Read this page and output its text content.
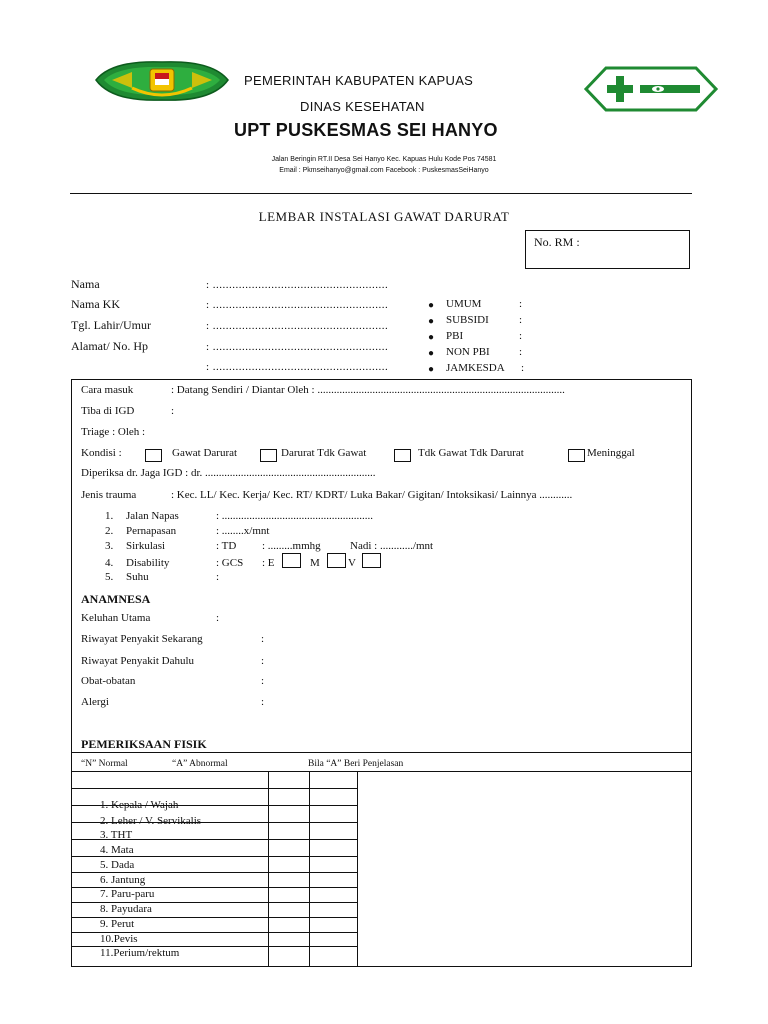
PEMERINTAH KABUPATEN KAPUAS
DINAS KESEHATAN
UPT PUSKESMAS SEI HANYO
Jalan Beringin RT.II Desa Sei Hanyo Kec. Kapuas Hulu Kode Pos 74581
Email : Pkmseihanyo@gmail.com Facebook : PuskesmasSeiHanyo
LEMBAR INSTALASI GAWAT DARURAT
No. RM :
Nama	: ......................................................
Nama KK	: ......................................................
Tgl. Lahir/Umur	: ......................................................
Alamat/ No. Hp	: ......................................................
: ......................................................
● UMUM	:
● SUBSIDI	:
● PBI	:
● NON PBI	:
● JAMKESDA :
Cara masuk	: Datang Sendiri / Diantar Oleh : ..........................................................................................
Tiba di IGD	:
Triage : Oleh :
Kondisi :	Gawat Darurat	Darurat Tdk Gawat	Tdk Gawat Tdk Darurat	Meninggal
Diperiksa dr. Jaga IGD : dr. ..............................................................
Jenis trauma	: Kec. LL/ Kec. Kerja/ Kec. RT/ KDRT/ Luka Bakar/ Gigitan/ Intoksikasi/ Lainnya ............
1. Jalan Napas	: .......................................................
2. Pernapasan	: ........x/mnt
3. Sirkulasi	: TD : .........mmhg	Nadi : ............/mnt
4. Disability	: GCS : E	M	V
5. Suhu	:
ANAMNESA
Keluhan Utama	:
Riwayat Penyakit Sekarang	:
Riwayat Penyakit Dahulu	:
Obat-obatan	:
Alergi	:
PEMERIKSAAN FISIK
“N” Normal	“A” Abnormal	Bila “A” Beri Penjelasan
1. Kepala / Wajah
2. Leher / V. Servikalis
3. THT
4. Mata
5. Dada
6. Jantung
7. Paru-paru
8. Payudara
9. Perut
10.Pevis
11.Perium/rektum
